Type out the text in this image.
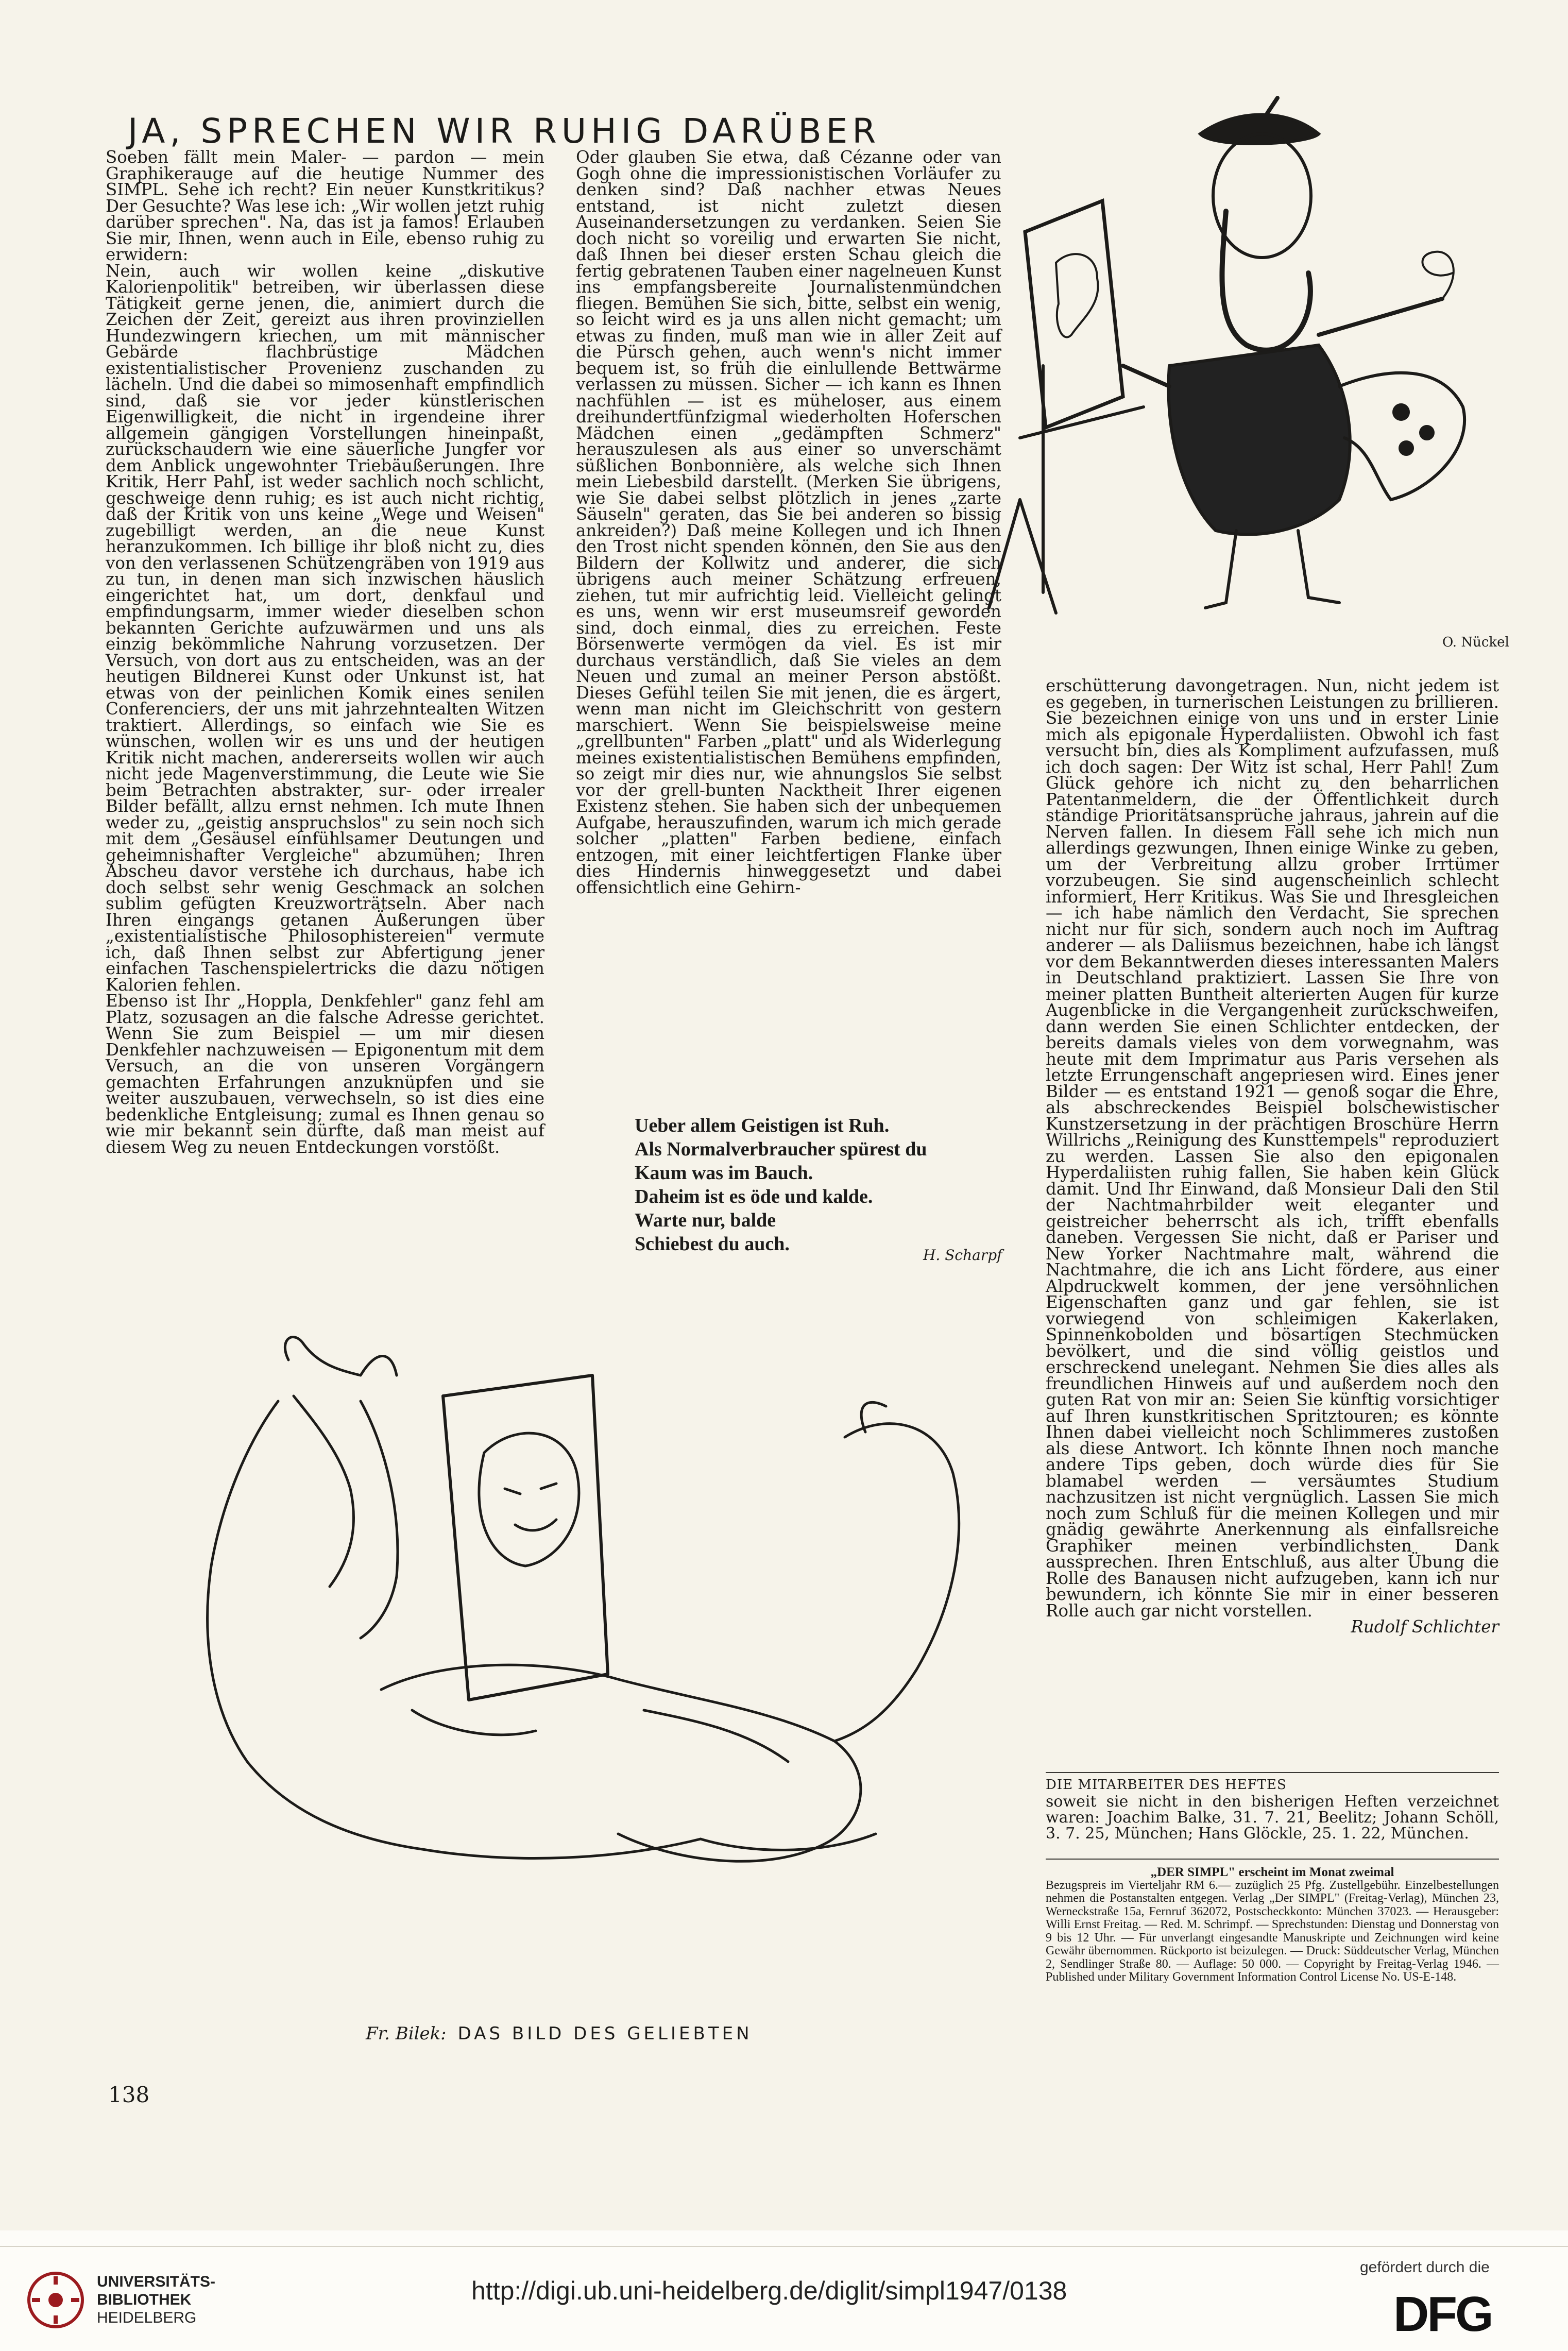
JA, SPRECHEN WIR RUHIG DARÜBER

Soeben fällt mein Maler- — pardon — mein Graphikerauge auf die heutige Nummer des SIMPL. Sehe ich recht? Ein neuer Kunstkritikus? Der Gesuchte? Was lese ich: „Wir wollen jetzt ruhig darüber sprechen". Na, das ist ja famos! Erlauben Sie mir, Ihnen, wenn auch in Eile, ebenso ruhig zu erwidern:

Nein, auch wir wollen keine „diskutive Kalorienpolitik" betreiben, wir überlassen diese Tätigkeit gerne jenen, die, animiert durch die Zeichen der Zeit, gereizt aus ihren provinziellen Hundezwingern kriechen, um mit männischer Gebärde flachbrüstige Mädchen existentialistischer Provenienz zuschanden zu lächeln. Und die dabei so mimosenhaft empfindlich sind, daß sie vor jeder künstlerischen Eigenwilligkeit, die nicht in irgendeine ihrer allgemein gängigen Vorstellungen hineinpaßt, zurückschaudern wie eine säuerliche Jungfer vor dem Anblick ungewohnter Triebäußerungen. Ihre Kritik, Herr Pahl, ist weder sachlich noch schlicht, geschweige denn ruhig; es ist auch nicht richtig, daß der Kritik von uns keine „Wege und Weisen" zugebilligt werden, an die neue Kunst heranzukommen. Ich billige ihr bloß nicht zu, dies von den verlassenen Schützengräben von 1919 aus zu tun, in denen man sich inzwischen häuslich eingerichtet hat, um dort, denkfaul und empfindungsarm, immer wieder dieselben schon bekannten Gerichte aufzuwärmen und uns als einzig bekömmliche Nahrung vorzusetzen. Der Versuch, von dort aus zu entscheiden, was an der heutigen Bildnerei Kunst oder Unkunst ist, hat etwas von der peinlichen Komik eines senilen Conferenciers, der uns mit jahrzehntealten Witzen traktiert. Allerdings, so einfach wie Sie es wünschen, wollen wir es uns und der heutigen Kritik nicht machen, andererseits wollen wir auch nicht jede Magenverstimmung, die Leute wie Sie beim Betrachten abstrakter, sur- oder irrealer Bilder befällt, allzu ernst nehmen. Ich mute Ihnen weder zu, „geistig anspruchslos" zu sein noch sich mit dem „Gesäusel einfühlsamer Deutungen und geheimnishafter Vergleiche" abzumühen; Ihren Abscheu davor verstehe ich durchaus, habe ich doch selbst sehr wenig Geschmack an solchen sublim gefügten Kreuzworträtseln. Aber nach Ihren eingangs getanen Äußerungen über „existentialistische Philosophistereien" vermute ich, daß Ihnen selbst zur Abfertigung jener einfachen Taschenspielertricks die dazu nötigen Kalorien fehlen.

Ebenso ist Ihr „Hoppla, Denkfehler" ganz fehl am Platz, sozusagen an die falsche Adresse gerichtet. Wenn Sie zum Beispiel — um mir diesen Denkfehler nachzuweisen — Epigonentum mit dem Versuch, an die von unseren Vorgängern gemachten Erfahrungen anzuknüpfen und sie weiter auszubauen, verwechseln, so ist dies eine bedenkliche Entgleisung; zumal es Ihnen genau so wie mir bekannt sein dürfte, daß man meist auf diesem Weg zu neuen Entdeckungen vorstößt.

Oder glauben Sie etwa, daß Cézanne oder van Gogh ohne die impressionistischen Vorläufer zu denken sind? Daß nachher etwas Neues entstand, ist nicht zuletzt diesen Auseinandersetzungen zu verdanken. Seien Sie doch nicht so voreilig und erwarten Sie nicht, daß Ihnen bei dieser ersten Schau gleich die fertig gebratenen Tauben einer nagelneuen Kunst ins empfangsbereite Journalistenmündchen fliegen. Bemühen Sie sich, bitte, selbst ein wenig, so leicht wird es ja uns allen nicht gemacht; um etwas zu finden, muß man wie in aller Zeit auf die Pürsch gehen, auch wenn's nicht immer bequem ist, so früh die einlullende Bettwärme verlassen zu müssen. Sicher — ich kann es Ihnen nachfühlen — ist es müheloser, aus einem dreihundertfünfzigmal wiederholten Hoferschen Mädchen einen „gedämpften Schmerz" herauszulesen als aus einer so unverschämt süßlichen Bonbonnière, als welche sich Ihnen mein Liebesbild darstellt. (Merken Sie übrigens, wie Sie dabei selbst plötzlich in jenes „zarte Säuseln" geraten, das Sie bei anderen so bissig ankreiden?) Daß meine Kollegen und ich Ihnen den Trost nicht spenden können, den Sie aus den Bildern der Kollwitz und anderer, die sich übrigens auch meiner Schätzung erfreuen, ziehen, tut mir aufrichtig leid. Vielleicht gelingt es uns, wenn wir erst museumsreif geworden sind, doch einmal, dies zu erreichen. Feste Börsenwerte vermögen da viel. Es ist mir durchaus verständlich, daß Sie vieles an dem Neuen und zumal an meiner Person abstößt. Dieses Gefühl teilen Sie mit jenen, die es ärgert, wenn man nicht im Gleichschritt von gestern marschiert. Wenn Sie beispielsweise meine „grellbunten" Farben „platt" und als Widerlegung meines existentialistischen Bemühens empfinden, so zeigt mir dies nur, wie ahnungslos Sie selbst vor der grell-bunten Nacktheit Ihrer eigenen Existenz stehen. Sie haben sich der unbequemen Aufgabe, herauszufinden, warum ich mich gerade solcher „platten" Farben bediene, einfach entzogen, mit einer leichtfertigen Flanke über dies Hindernis hinweggesetzt und dabei offensichtlich eine Gehirn-

erschütterung davongetragen. Nun, nicht jedem ist es gegeben, in turnerischen Leistungen zu brillieren. Sie bezeichnen einige von uns und in erster Linie mich als epigonale Hyperdaliisten. Obwohl ich fast versucht bin, dies als Kompliment aufzufassen, muß ich doch sagen: Der Witz ist schal, Herr Pahl! Zum Glück gehöre ich nicht zu den beharrlichen Patentanmeldern, die der Öffentlichkeit durch ständige Prioritätsansprüche jahraus, jahrein auf die Nerven fallen. In diesem Fall sehe ich mich nun allerdings gezwungen, Ihnen einige Winke zu geben, um der Verbreitung allzu grober Irrtümer vorzubeugen. Sie sind augenscheinlich schlecht informiert, Herr Kritikus. Was Sie und Ihresgleichen — ich habe nämlich den Verdacht, Sie sprechen nicht nur für sich, sondern auch noch im Auftrag anderer — als Daliismus bezeichnen, habe ich längst vor dem Bekanntwerden dieses interessanten Malers in Deutschland praktiziert. Lassen Sie Ihre von meiner platten Buntheit alterierten Augen für kurze Augenblicke in die Vergangenheit zurückschweifen, dann werden Sie einen Schlichter entdecken, der bereits damals vieles von dem vorwegnahm, was heute mit dem Imprimatur aus Paris versehen als letzte Errungenschaft angepriesen wird. Eines jener Bilder — es entstand 1921 — genoß sogar die Ehre, als abschreckendes Beispiel bolschewistischer Kunstzersetzung in der prächtigen Broschüre Herrn Willrichs „Reinigung des Kunsttempels" reproduziert zu werden. Lassen Sie also den epigonalen Hyperdaliisten ruhig fallen, Sie haben kein Glück damit. Und Ihr Einwand, daß Monsieur Dali den Stil der Nachtmahrbilder weit eleganter und geistreicher beherrscht als ich, trifft ebenfalls daneben. Vergessen Sie nicht, daß er Pariser und New Yorker Nachtmahre malt, während die Nachtmahre, die ich ans Licht fördere, aus einer Alpdruckwelt kommen, der jene versöhnlichen Eigenschaften ganz und gar fehlen, sie ist vorwiegend von schleimigen Kakerlaken, Spinnenkobolden und bösartigen Stechmücken bevölkert, und die sind völlig geistlos und erschreckend unelegant. Nehmen Sie dies alles als freundlichen Hinweis auf und außerdem noch den guten Rat von mir an: Seien Sie künftig vorsichtiger auf Ihren kunstkritischen Spritztouren; es könnte Ihnen dabei vielleicht noch Schlimmeres zustoßen als diese Antwort. Ich könnte Ihnen noch manche andere Tips geben, doch würde dies für Sie blamabel werden — versäumtes Studium nachzusitzen ist nicht vergnüglich. Lassen Sie mich noch zum Schluß für die meinen Kollegen und mir gnädig gewährte Anerkennung als einfallsreiche Graphiker meinen verbindlichsten Dank aussprechen. Ihren Entschluß, aus alter Übung die Rolle des Banausen nicht aufzugeben, kann ich nur bewundern, ich könnte Sie mir in einer besseren Rolle auch gar nicht vorstellen.

Rudolf Schlichter

O. Nückel
Ueber allem Geistigen ist Ruh.
Als Normalverbraucher spürest du
Kaum was im Bauch.
Daheim ist es öde und kalde.
Warte nur, balde
Schiebest du auch.
H. Scharpf
Fr. Bilek: DAS BILD DES GELIEBTEN
DIE MITARBEITER DES HEFTES
soweit sie nicht in den bisherigen Heften verzeichnet waren: Joachim Balke, 31. 7. 21, Beelitz; Johann Schöll, 3. 7. 25, München; Hans Glöckle, 25. 1. 22, München.
„DER SIMPL" erscheint im Monat zweimal
Bezugspreis im Vierteljahr RM 6.— zuzüglich 25 Pfg. Zustellgebühr. Einzelbestellungen nehmen die Postanstalten entgegen. Verlag „Der SIMPL" (Freitag-Verlag), München 23, Werneckstraße 15a, Fernruf 362072, Postscheckkonto: München 37023. — Herausgeber: Willi Ernst Freitag. — Red. M. Schrimpf. — Sprechstunden: Dienstag und Donnerstag von 9 bis 12 Uhr. — Für unverlangt eingesandte Manuskripte und Zeichnungen wird keine Gewähr übernommen. Rückporto ist beizulegen. — Druck: Süddeutscher Verlag, München 2, Sendlinger Straße 80. — Auflage: 50 000. — Copyright by Freitag-Verlag 1946. — Published under Military Government Information Control License No. US-E-148.
138
UNIVERSITÄTS-
BIBLIOTHEK
HEIDELBERG
http://digi.ub.uni-heidelberg.de/diglit/simpl1947/0138
gefördert durch die
DFG
